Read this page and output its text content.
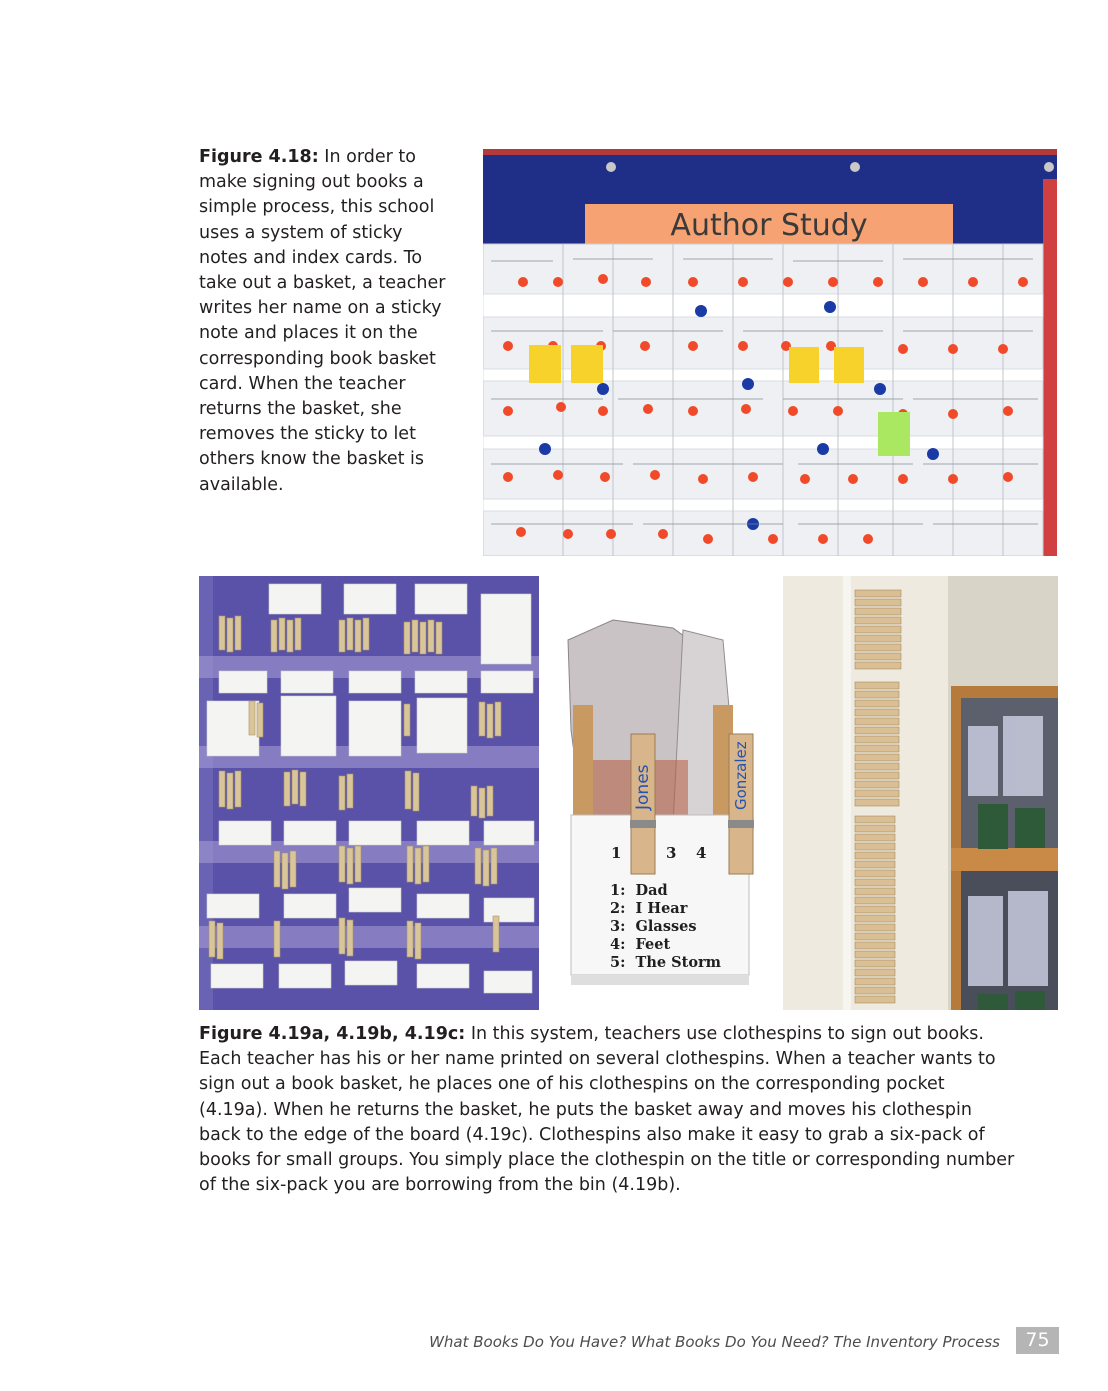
Figure 4.18: In order to make signing out books a simple process, this school uses a system of sticky notes and index cards. To take out a basket, a teacher writes her name on a sticky note and places it on the corresponding book basket card. When the teacher returns the basket, she removes the sticky to let others know the basket is available.

Author Study
Jones	Gonzalez
1	3 4
1:  Dad
2:  I Hear
3:  Glasses
4:  Feet
5:  The Storm

Figure 4.19a, 4.19b, 4.19c: In this system, teachers use clothespins to sign out books. Each teacher has his or her name printed on several clothespins. When a teacher wants to sign out a book basket, he places one of his clothespins on the corresponding pocket (4.19a). When he returns the basket, he puts the basket away and moves his clothespin back to the edge of the board (4.19c). Clothespins also make it easy to grab a six-pack of books for small groups. You simply place the clothespin on the title or corresponding number of the six-pack you are borrowing from the bin (4.19b).

What Books Do You Have? What Books Do You Need? The Inventory Process	75
